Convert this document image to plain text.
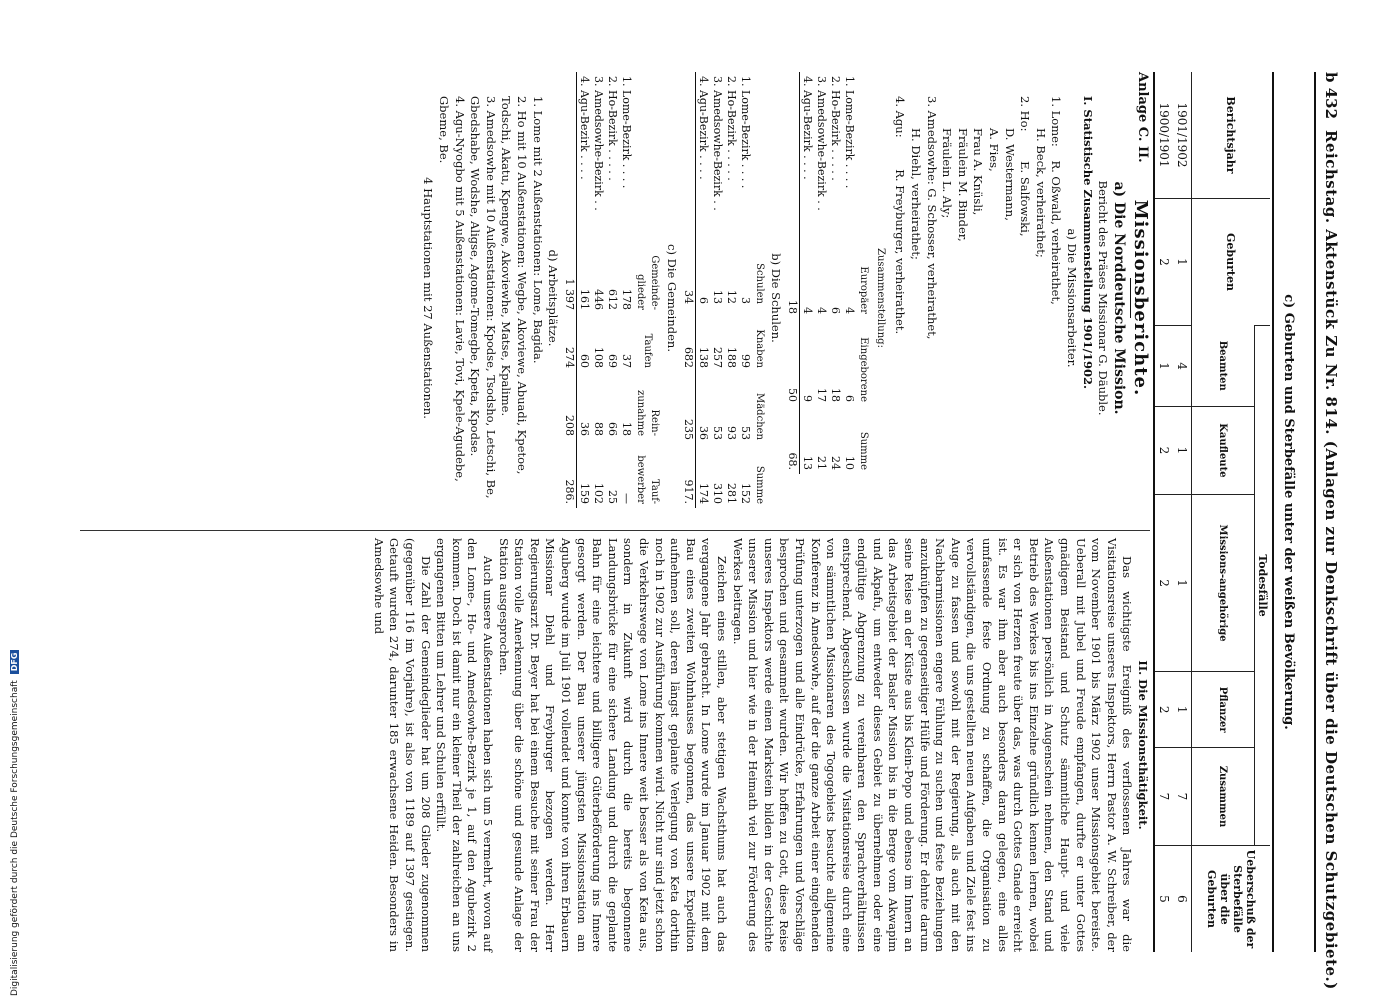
b 432
Reichstag. Aktenstück Zu Nr. 814. (Anlagen zur Denkschrift über die Deutschen Schutzgebiete.)
c) Geburten und Sterbefälle unter der weißen Bevölkerung.
Berichtsjahr	Geburten	Todesfälle					Ueberschuß der Sterbefälle über die Geburten
		Beamten	Kaufleute	Missions-angehörige	Pflanzer	Zusammen	
1901/1902	1	4	1	1	1	7	6
1900/1901	2	1	2	2	2	7	5
Anlage C. II.
Missionsberichte.
a) Die Norddeutsche Mission.
Bericht des Präses Missionar G. Däuble.
I. Statistische Zusammenstellung 1901/1902.
a) Die Missionsarbeiter.
1. Lome: R. Oßwald, verheirathet,
H. Beck, verheirathet;
2. Ho: E. Salfowski,
D. Westermann,
A. Fies,
Frau A. Knüsli,
Fräulein M. Binder,
Fräulein L. Aly;
3. Amedsowhe: G. Schosser, verheirathet,
H. Diehl, verheirathet;
4. Agu: R. Freyburger, verheirathet.
Zusammenstellung:
	Europäer	Eingeborene	Summe
1. Lome-Bezirk . . . .	4	6	10
2. Ho-Bezirk . . . . .	6	18	24
3. Amedsowhe-Bezirk . .	4	17	21
4. Agu-Bezirk . . . .	4	9	13
	18	50	68.
b) Die Schulen.
	Schulen	Knaben	Mädchen	Summe
1. Lome-Bezirk . . . .	3	99	53	152
2. Ho-Bezirk . . . . .	12	188	93	281
3. Amedsowhe-Bezirk . .	13	257	53	310
4. Agu-Bezirk . . . .	6	138	36	174
	34	682	235	917.
c) Die Gemeinden.
	Gemeinde-glieder	Taufen	Rein-zunahme	Tauf-bewerber
1. Lome-Bezirk . . . .	178	37	18	—
2. Ho-Bezirk . . . . .	612	69	66	25
3. Amedsowhe-Bezirk . .	446	108	88	102
4. Agu-Bezirk . . . .	161	60	36	159
	1 397	274	208	286.
d) Arbeitsplätze.
1. Lome mit 2 Außenstationen: Lome, Bagida.
2. Ho mit 10 Außenstationen: Wegbe, Akoviewe, Abuadi, Kpetoe, Todschi, Akatu, Kpengwe, Akoviewhe, Matse, Kpalime.
3. Amedsowhe mit 10 Außenstationen: Kpodse, Tsodsho, Letschi, Be, Gbedshabe, Wodshe, Aligse, Agome-Tomegbe, Kpeta, Kpodse.
4. Agu-Nyogbo mit 5 Außenstationen: Lavie, Tovi, Kpele-Agudebe, Gbeme, Be.
4 Hauptstationen mit 27 Außenstationen.
II. Die Missionsthätigkeit.

Das wichtigste Ereigniß des verflossenen Jahres war die Visitationsreise unseres Inspektors, Herrn Pastor A. W. Schreiber, der vom November 1901 bis März 1902 unser Missionsgebiet bereiste. Ueberall mit Jubel und Freude empfangen, durfte er unter Gottes gnädigem Beistand und Schutz sämmtliche Haupt- und viele Außenstationen persönlich in Augenschein nehmen, den Stand und Betrieb des Werkes bis ins Einzelne gründlich kennen lernen, wobei er sich von Herzen freute über das, was durch Gottes Gnade erreicht ist. Es war ihm aber auch besonders daran gelegen, eine alles umfassende feste Ordnung zu schaffen, die Organisation zu vervollständigen, die uns gestellten neuen Aufgaben und Ziele fest ins Auge zu fassen und sowohl mit der Regierung, als auch mit den Nachbarmissionen engere Fühlung zu suchen und feste Beziehungen anzuknüpfen zu gegenseitiger Hülfe und Förderung. Er dehnte darum seine Reise an der Küste aus bis Klein-Popo und ebenso im Innern an das Arbeitsgebiet der Basler Mission bis in die Berge vom Akwapim und Akpafu, um entweder dieses Gebiet zu übernehmen oder eine endgültige Abgrenzung zu vereinbaren den Sprachverhältnissen entsprechend. Abgeschlossen wurde die Visitationsreise durch eine von sämmtlichen Missionaren des Togogebiets besuchte allgemeine Konferenz in Amedsowhe, auf der die ganze Arbeit einer eingehenden Prüfung unterzogen und alle Eindrücke, Erfahrungen und Vorschläge besprochen und gesammelt wurden. Wir hoffen zu Gott, diese Reise unseres Inspektors werde einen Markstein bilden in der Geschichte unserer Mission und hier wie in der Heimath viel zur Förderung des Werkes beitragen.

Zeichen eines stillen, aber stetigen Wachsthums hat auch das vergangene Jahr gebracht. In Lome wurde im Januar 1902 mit dem Bau eines zweiten Wohnhauses begonnen, das unsere Expedition aufnehmen soll, deren längst geplante Verlegung von Keta dorthin noch in 1902 zur Ausführung kommen wird. Nicht nur sind jetzt schon die Verkehrswege von Lome ins Innere weit besser als von Keta aus, sondern in Zukunft wird durch die bereits begonnene Landungsbrücke für eine sichere Landung und durch die geplante Bahn für eine leichtere und billigere Güterbeförderung ins Innere gesorgt werden. Der Bau unserer jüngsten Missionsstation am Aguberg wurde im Juli 1901 vollendet und konnte von ihren Erbauern Missionar Diehl und Freyburger bezogen werden. Herr Regierungsarzt Dr. Beyer hat bei einem Besuche mit seiner Frau der Station volle Anerkennung über die schöne und gesunde Anlage der Station ausgesprochen.

Auch unsere Außenstationen haben sich um 5 vermehrt, wovon auf den Lome-, Ho- und Amedsowhe-Bezirk je 1, auf den Agubezirk 2 kommen. Doch ist damit nur ein kleiner Theil der zahlreichen an uns ergangenen Bitten um Lehrer und Schulen erfüllt.

Die Zahl der Gemeindeglieder hat um 208 Glieder zugenommen (gegenüber 116 im Vorjahre), ist also von 1189 auf 1397 gestiegen. Getauft wurden 274, darunter 185 erwachsene Heiden. Besonders in Amedsowhe und

Digitalisierung gefördert durch die Deutsche ForschungsgemeinschaftDFG
